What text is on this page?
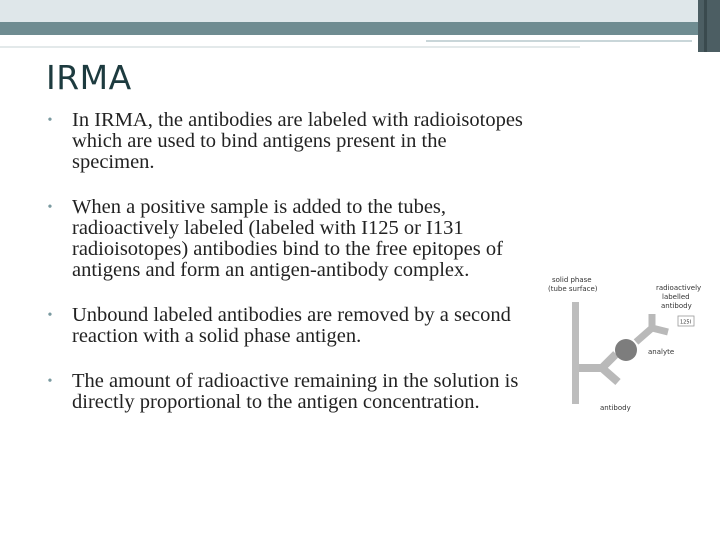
IRMA
• In IRMA, the antibodies are labeled with radioisotopes which are used to bind antigens present in the specimen.
• When a positive sample is added to the tubes, radioactively labeled (labeled with I125 or I131 radioisotopes) antibodies bind to the free epitopes of antigens and form an antigen-antibody complex.
• Unbound labeled antibodies are removed by a second reaction with a solid phase antigen.
• The amount of radioactive remaining in the solution is directly proportional to the antigen concentration.
125I
solid phase
(tube surface)	radioactively
labelled
antibody
analyte
antibody
